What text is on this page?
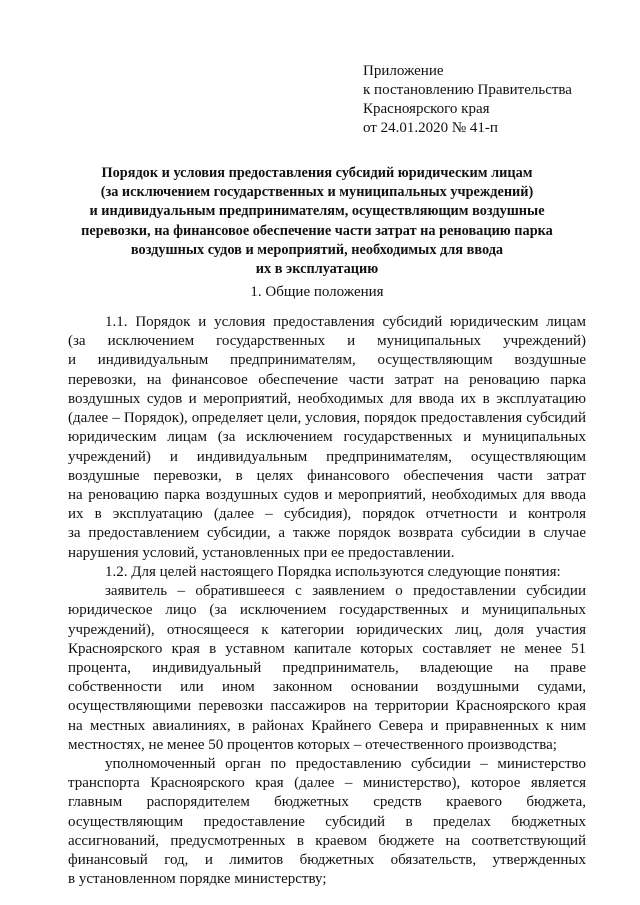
Приложение
к постановлению Правительства
Красноярского края
от 24.01.2020 № 41-п
Порядок и условия предоставления субсидий юридическим лицам
(за исключением государственных и муниципальных учреждений)
и индивидуальным предпринимателям, осуществляющим воздушные
перевозки, на финансовое обеспечение части затрат на реновацию парка
воздушных судов и мероприятий, необходимых для ввода
их в эксплуатацию
1. Общие положения
1.1. Порядок и условия предоставления субсидий юридическим лицам
(за исключением государственных и муниципальных учреждений)
и индивидуальным предпринимателям, осуществляющим воздушные
перевозки, на финансовое обеспечение части затрат на реновацию парка
воздушных судов и мероприятий, необходимых для ввода их в эксплуатацию
(далее – Порядок), определяет цели, условия, порядок предоставления субсидий
юридическим лицам (за исключением государственных и муниципальных
учреждений) и индивидуальным предпринимателям, осуществляющим
воздушные перевозки, в целях финансового обеспечения части затрат
на реновацию парка воздушных судов и мероприятий, необходимых для ввода
их в эксплуатацию (далее – субсидия), порядок отчетности и контроля
за предоставлением субсидии, а также порядок возврата субсидии в случае
нарушения условий, установленных при ее предоставлении.
1.2. Для целей настоящего Порядка используются следующие понятия:
заявитель – обратившееся с заявлением о предоставлении субсидии
юридическое лицо (за исключением государственных и муниципальных
учреждений), относящееся к категории юридических лиц, доля участия
Красноярского края в уставном капитале которых составляет не менее 51
процента, индивидуальный предприниматель, владеющие на праве
собственности или ином законном основании воздушными судами,
осуществляющими перевозки пассажиров на территории Красноярского края
на местных авиалиниях, в районах Крайнего Севера и приравненных к ним
местностях, не менее 50 процентов которых – отечественного производства;
уполномоченный орган по предоставлению субсидии – министерство
транспорта Красноярского края (далее – министерство), которое является
главным распорядителем бюджетных средств краевого бюджета,
осуществляющим предоставление субсидий в пределах бюджетных
ассигнований, предусмотренных в краевом бюджете на соответствующий
финансовый год, и лимитов бюджетных обязательств, утвержденных
в установленном порядке министерству;
